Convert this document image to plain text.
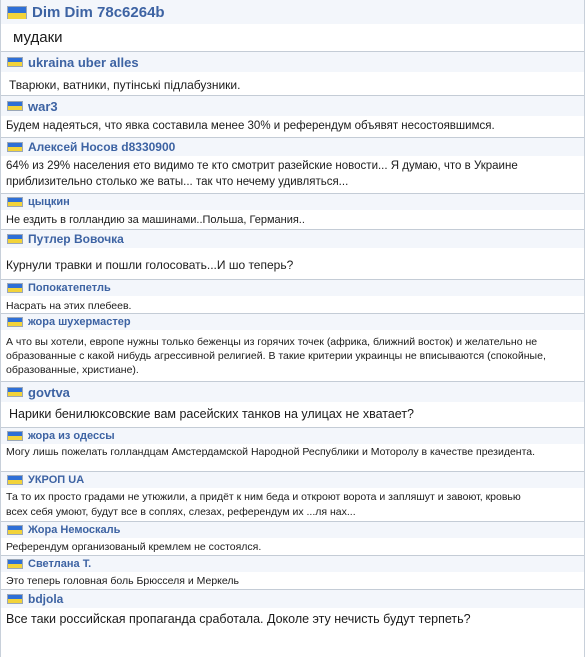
Dim Dim 78c6264b
мудаки
ukraina uber alles
Тварюки, ватники, путінські підлабузники.
war3
Будем надеяться, что явка составила менее 30% и референдум объявят несостоявшимся.
Алексей Носов d8330900
64% из 29% населения ето видимо те кто смотрит разейские новости... Я думаю, что в Украине приблизительно столько же ваты... так что нечему удивляться...
цыцкин
Не ездить в голландию за машинами..Польша, Германия..
Путлер Вовочка
Курнули травки и пошли голосовать...И шо теперь?
Попокатепетль
Насрать на этих плебеев.
жора шухермастер
А что вы хотели, европе нужны только беженцы из горячих точек (африка, ближний восток) и желательно не образованные с какой нибудь агрессивной религией. В такие критерии украинцы не вписываются (спокойные, образованные, христиане).
govtva
Нарики бенилюксовские вам расейских танков на улицах не хватает?
жора из одессы
Могу лишь пожелать голландцам Амстердамской Народной Республики и Моторолу в качестве президента.
УКРОП UA
Та то их просто градами не утюжили, а придёт к ним беда и откроют ворота и запляшут и завоют, кровью всех себя умоют, будут все в соплях, слезах, референдум их ...ля нах...
Жора Немоскаль
Референдум организованый кремлем не состоялся.
Светлана Т.
Это теперь головная боль Брюсселя и Меркель
bdjola
Все таки российская пропаганда сработала. Доколе эту нечисть будут терпеть?
